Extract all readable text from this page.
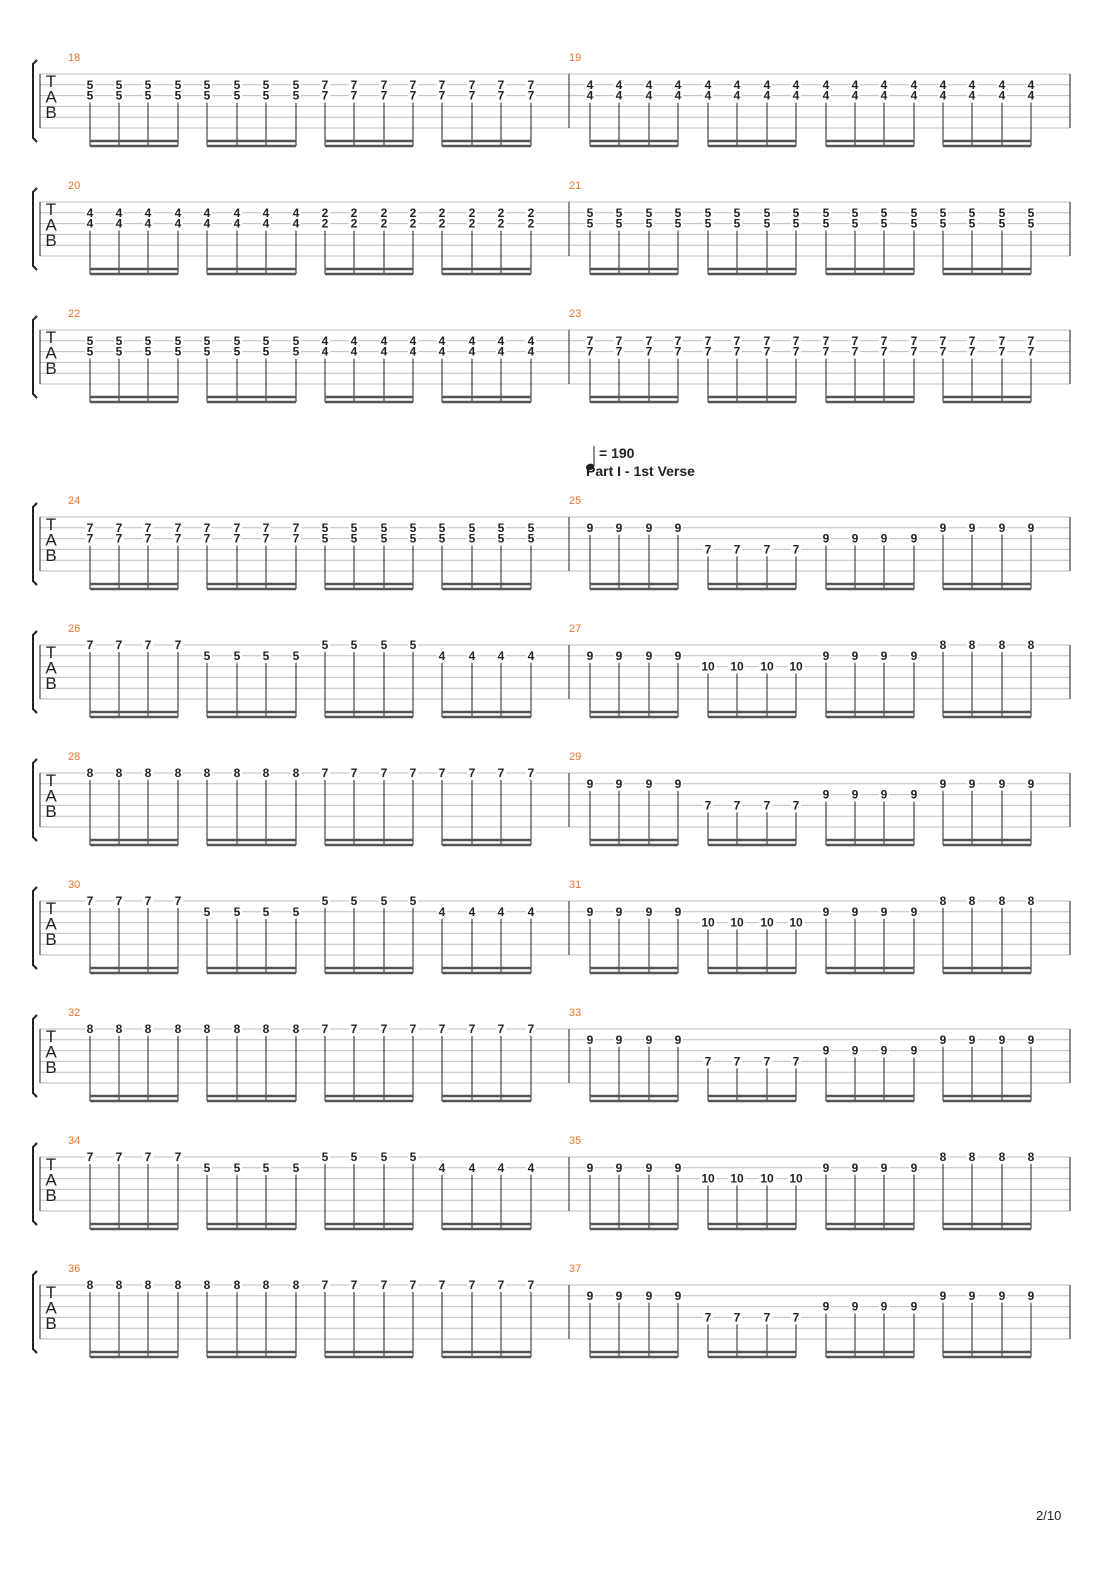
T
A
B
18
5
5
5
5
5
5
5
5
5
5
5
5
5
5
5
5
7
7
7
7
7
7
7
7
7
7
7
7
7
7
7
7
19
4
4
4
4
4
4
4
4
4
4
4
4
4
4
4
4
4
4
4
4
4
4
4
4
4
4
4
4
4
4
4
4
T
A
B
20
4
4
4
4
4
4
4
4
4
4
4
4
4
4
4
4
2
2
2
2
2
2
2
2
2
2
2
2
2
2
2
2
21
5
5
5
5
5
5
5
5
5
5
5
5
5
5
5
5
5
5
5
5
5
5
5
5
5
5
5
5
5
5
5
5
T
A
B
22
5
5
5
5
5
5
5
5
5
5
5
5
5
5
5
5
4
4
4
4
4
4
4
4
4
4
4
4
4
4
4
4
23
7
7
7
7
7
7
7
7
7
7
7
7
7
7
7
7
7
7
7
7
7
7
7
7
7
7
7
7
7
7
7
7
T
A
B
24
7
7
7
7
7
7
7
7
7
7
7
7
7
7
7
7
5
5
5
5
5
5
5
5
5
5
5
5
5
5
5
5
25
9 9 9 9
7 7 7 7
9 9 9 9
9 9 9 9
T
A
B
26
7 7 7 7
5 5 5 5
5 5 5 5
4 4 4 4
27
9 9 9 9
10 10 10 10
9 9 9 9
8 8 8 8
T
A
B
28
8 8 8 8 8 8 8 8 7 7 7 7 7 7 7 7
29
9 9 9 9
7 7 7 7
9 9 9 9
9 9 9 9
T
A
B
30
7 7 7 7
5 5 5 5
5 5 5 5
4 4 4 4
31
9 9 9 9
10 10 10 10
9 9 9 9
8 8 8 8
T
A
B
32
8 8 8 8 8 8 8 8 7 7 7 7 7 7 7 7
33
9 9 9 9
7 7 7 7
9 9 9 9
9 9 9 9
T
A
B
34
7 7 7 7
5 5 5 5
5 5 5 5
4 4 4 4
35
9 9 9 9
10 10 10 10
9 9 9 9
8 8 8 8
T
A
B
36
8 8 8 8 8 8 8 8 7 7 7 7 7 7 7 7
37
9 9 9 9
7 7 7 7
9 9 9 9
9 9 9 9
= 190
Part I - 1st Verse
2/10
